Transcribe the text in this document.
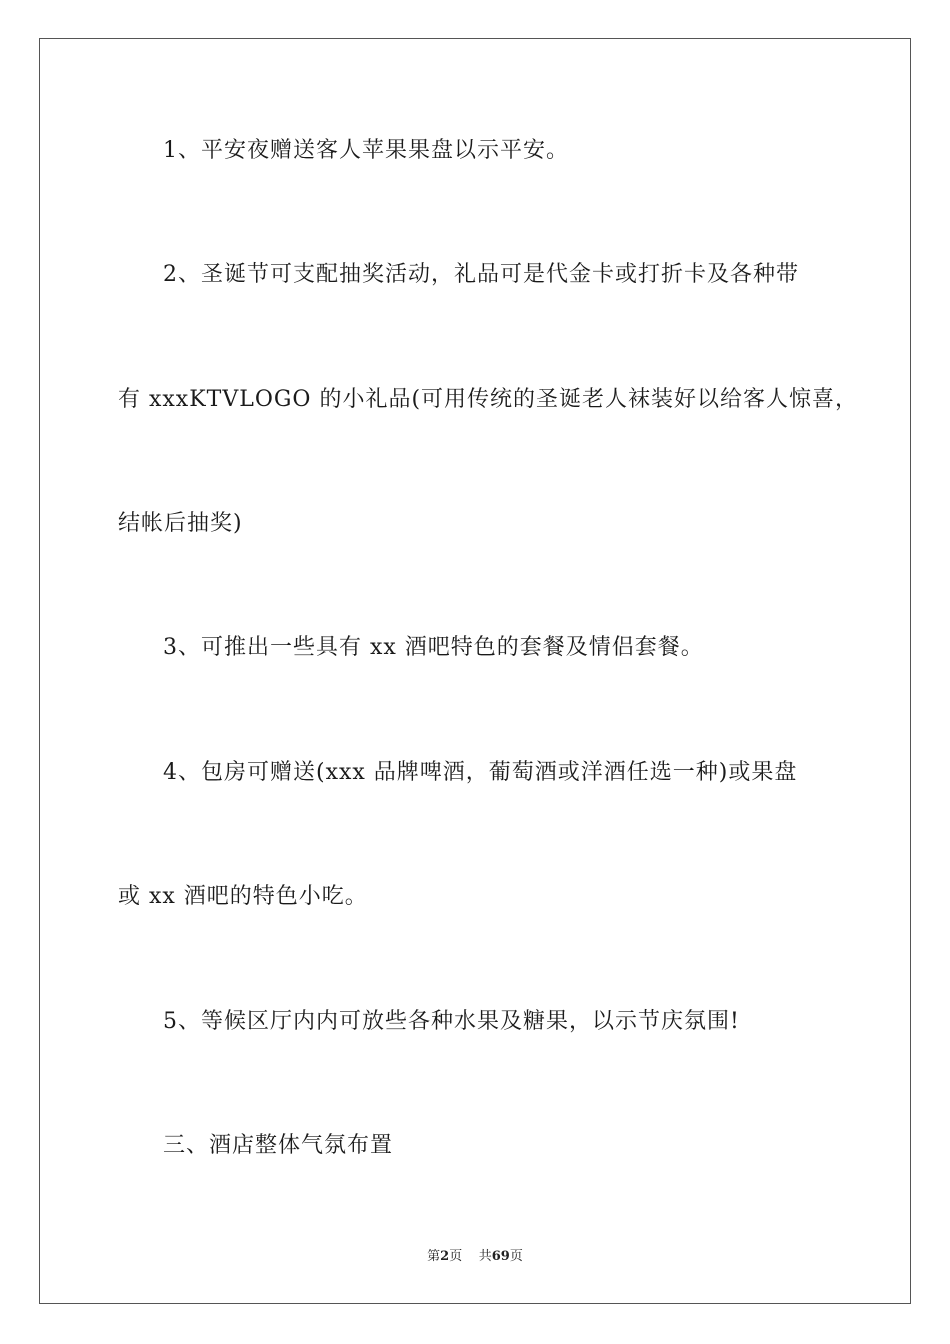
1、平安夜赠送客人苹果果盘以示平安。
2、圣诞节可支配抽奖活动，礼品可是代金卡或打折卡及各种带
有 xxxKTVLOGO 的小礼品(可用传统的圣诞老人袜装好以给客人惊喜，
结帐后抽奖)
3、可推出一些具有 xx 酒吧特色的套餐及情侣套餐。
4、包房可赠送(xxx 品牌啤酒，葡萄酒或洋酒任选一种)或果盘
或 xx 酒吧的特色小吃。
5、等候区厅内内可放些各种水果及糖果，以示节庆氛围!
三、酒店整体气氛布置
第2页 共69页
